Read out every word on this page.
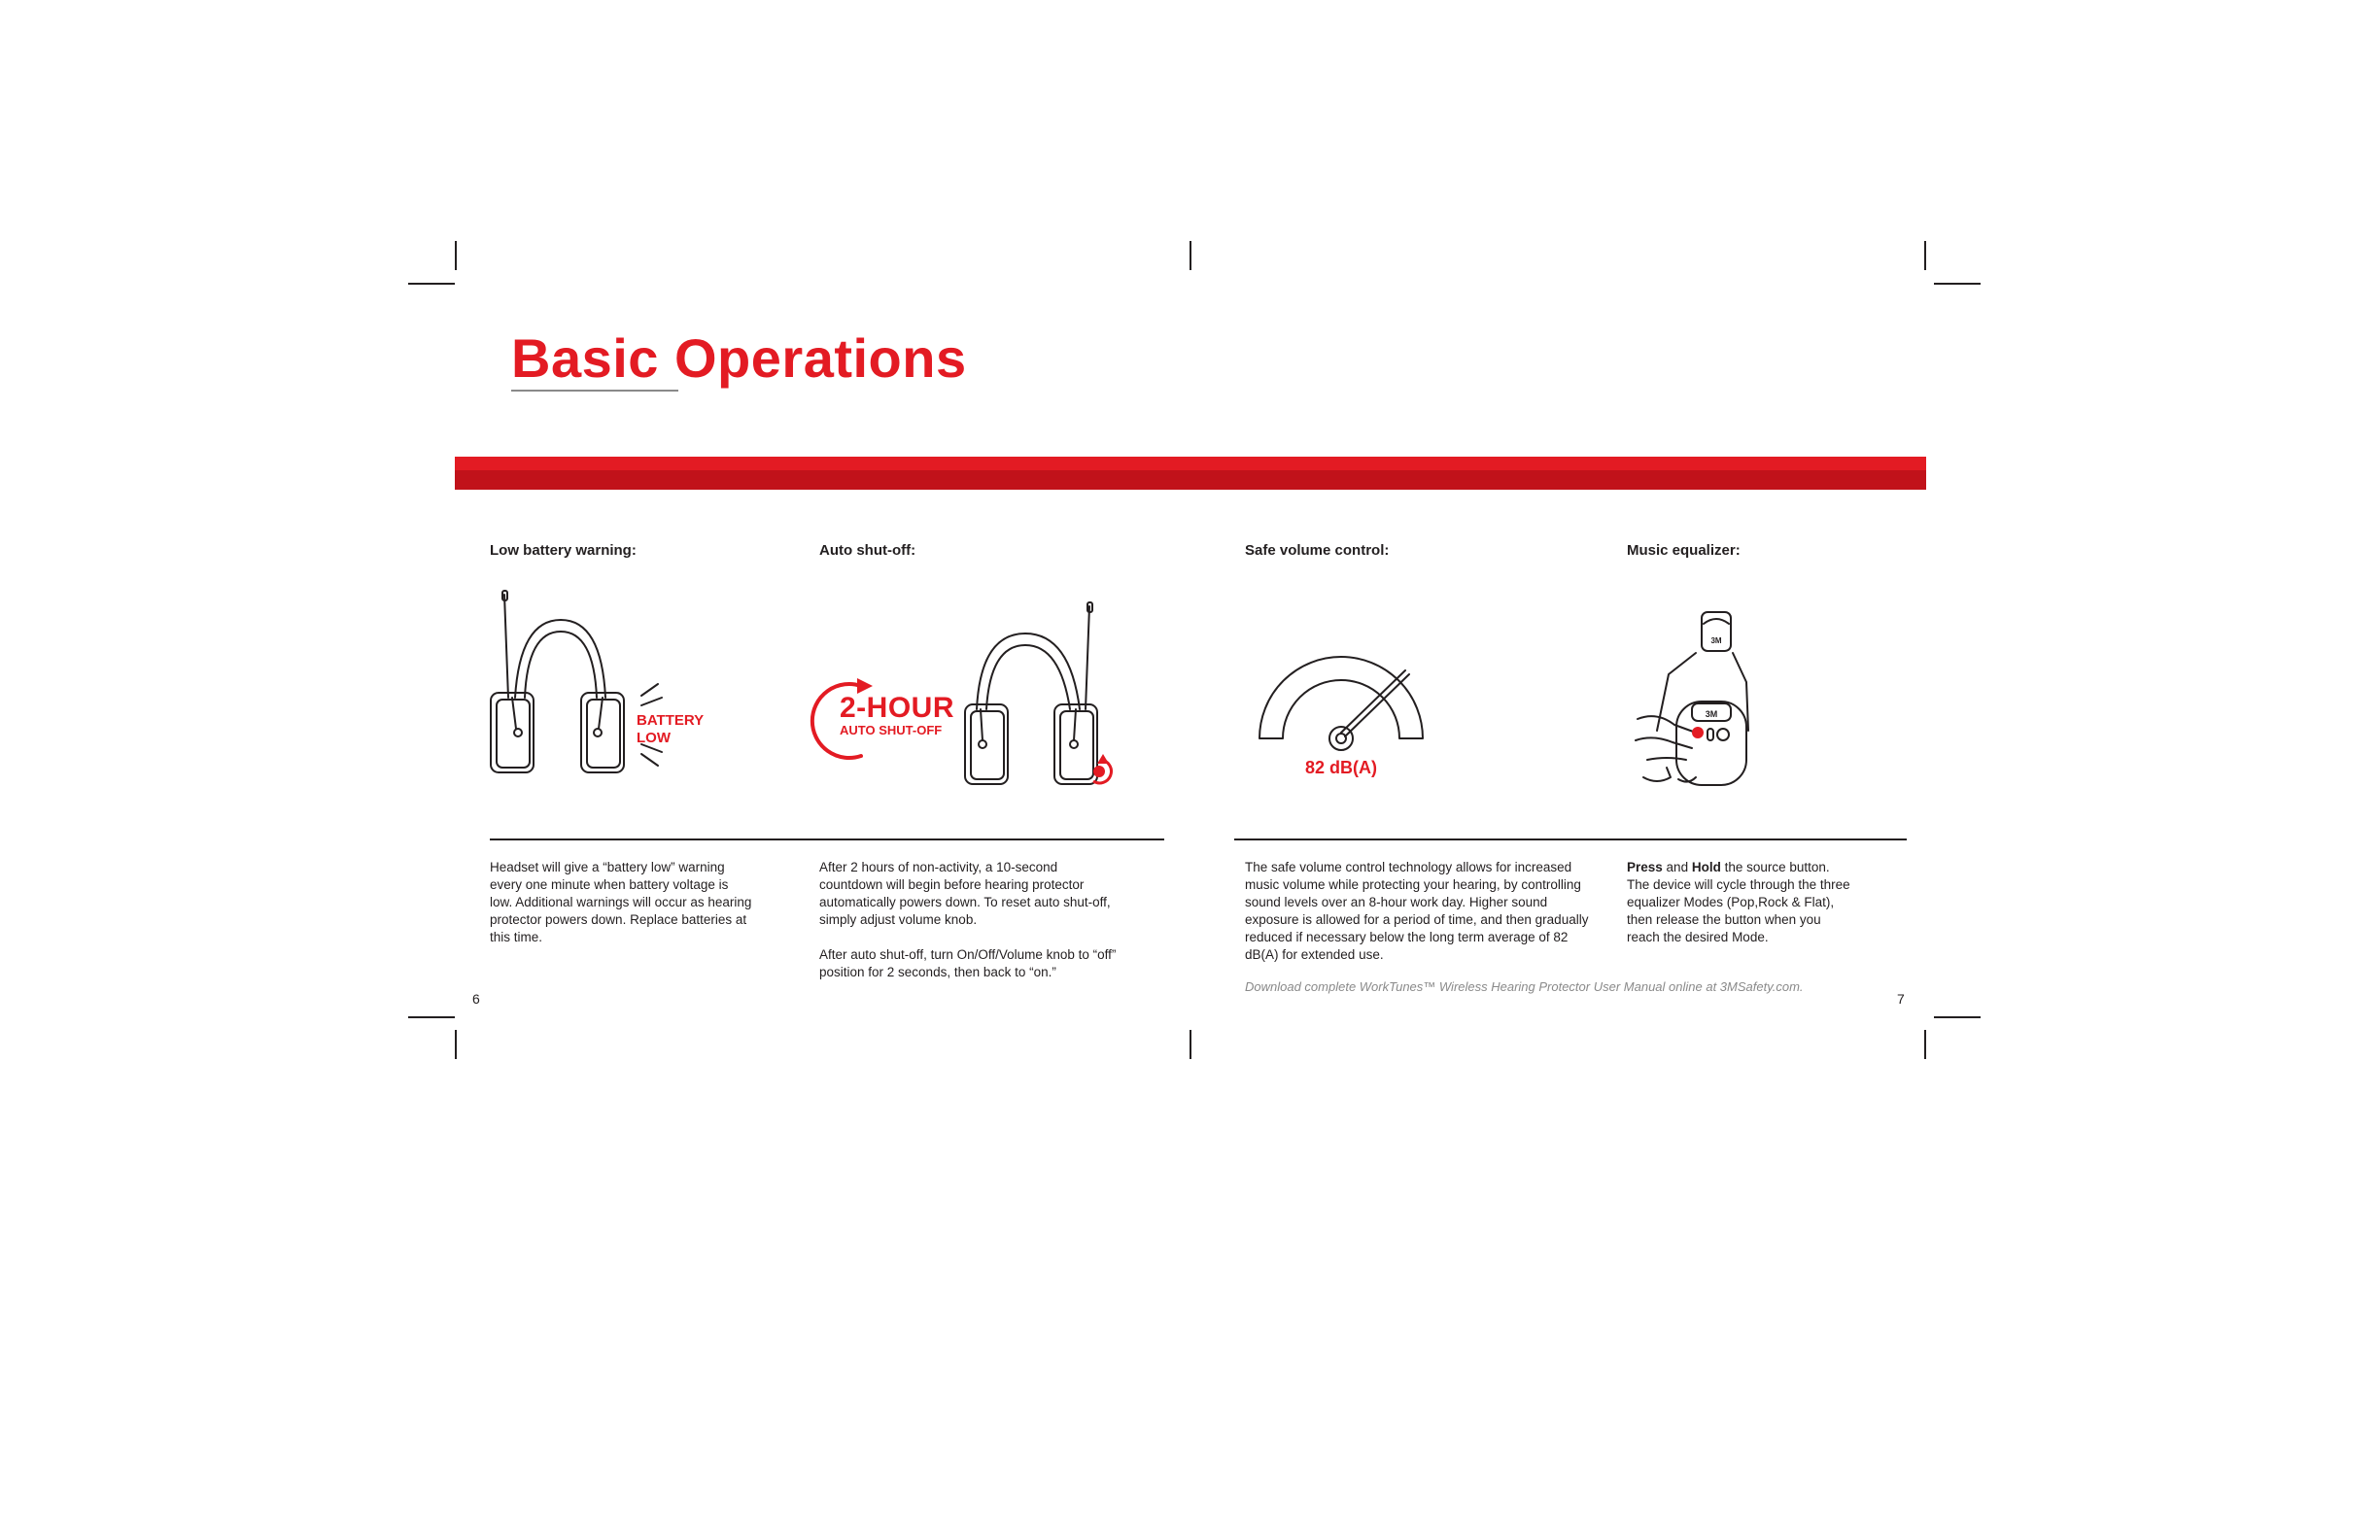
Basic Operations
Low battery warning:	Auto shut-off:	Safe volume control:	Music equalizer:
BATTERY
LOW
2-HOUR
AUTO SHUT-OFF
82 dB(A)
3M
3M

Headset will give a “battery low” warning every one minute when battery voltage is low. Additional warnings will occur as hearing protector powers down. Replace batteries at this time.

After 2 hours of non-activity, a 10-second countdown will begin before hearing protector automatically powers down. To reset auto shut-off, simply adjust volume knob.

After auto shut-off, turn On/Off/Volume knob to “off” position for 2 seconds, then back to “on.”

The safe volume control technology allows for increased music volume while protecting your hearing, by controlling sound levels over an 8-hour work day. Higher sound exposure is allowed for a period of time, and then gradually reduced if necessary below the long term average of 82 dB(A) for extended use.

Press and Hold the source button. The device will cycle through the three equalizer Modes (Pop,Rock & Flat), then release the button when you reach the desired Mode.

Download complete WorkTunes™ Wireless Hearing Protector User Manual online at 3MSafety.com.
6	7
